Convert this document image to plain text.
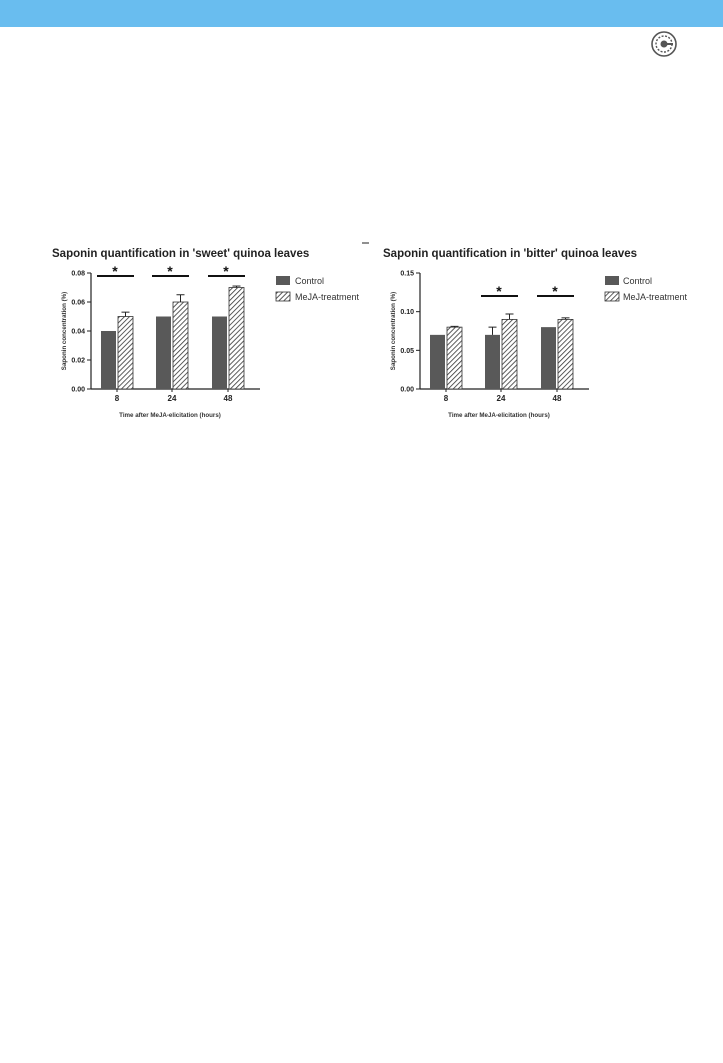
Saponin quantification in 'sweet' quinoa leaves
Saponin concentration (%)
Time after MeJA-elicitation (hours)
Control
MeJA-treatment
0.00
0.02
0.04
0.06
0.08
8	24	48
*	*	*
Saponin quantification in 'bitter' quinoa leaves
Saponin concentration (%)
Time after MeJA-elicitation (hours)
Control
MeJA-treatment
0.00
0.05
0.10
0.15
8	24	48
*	*
